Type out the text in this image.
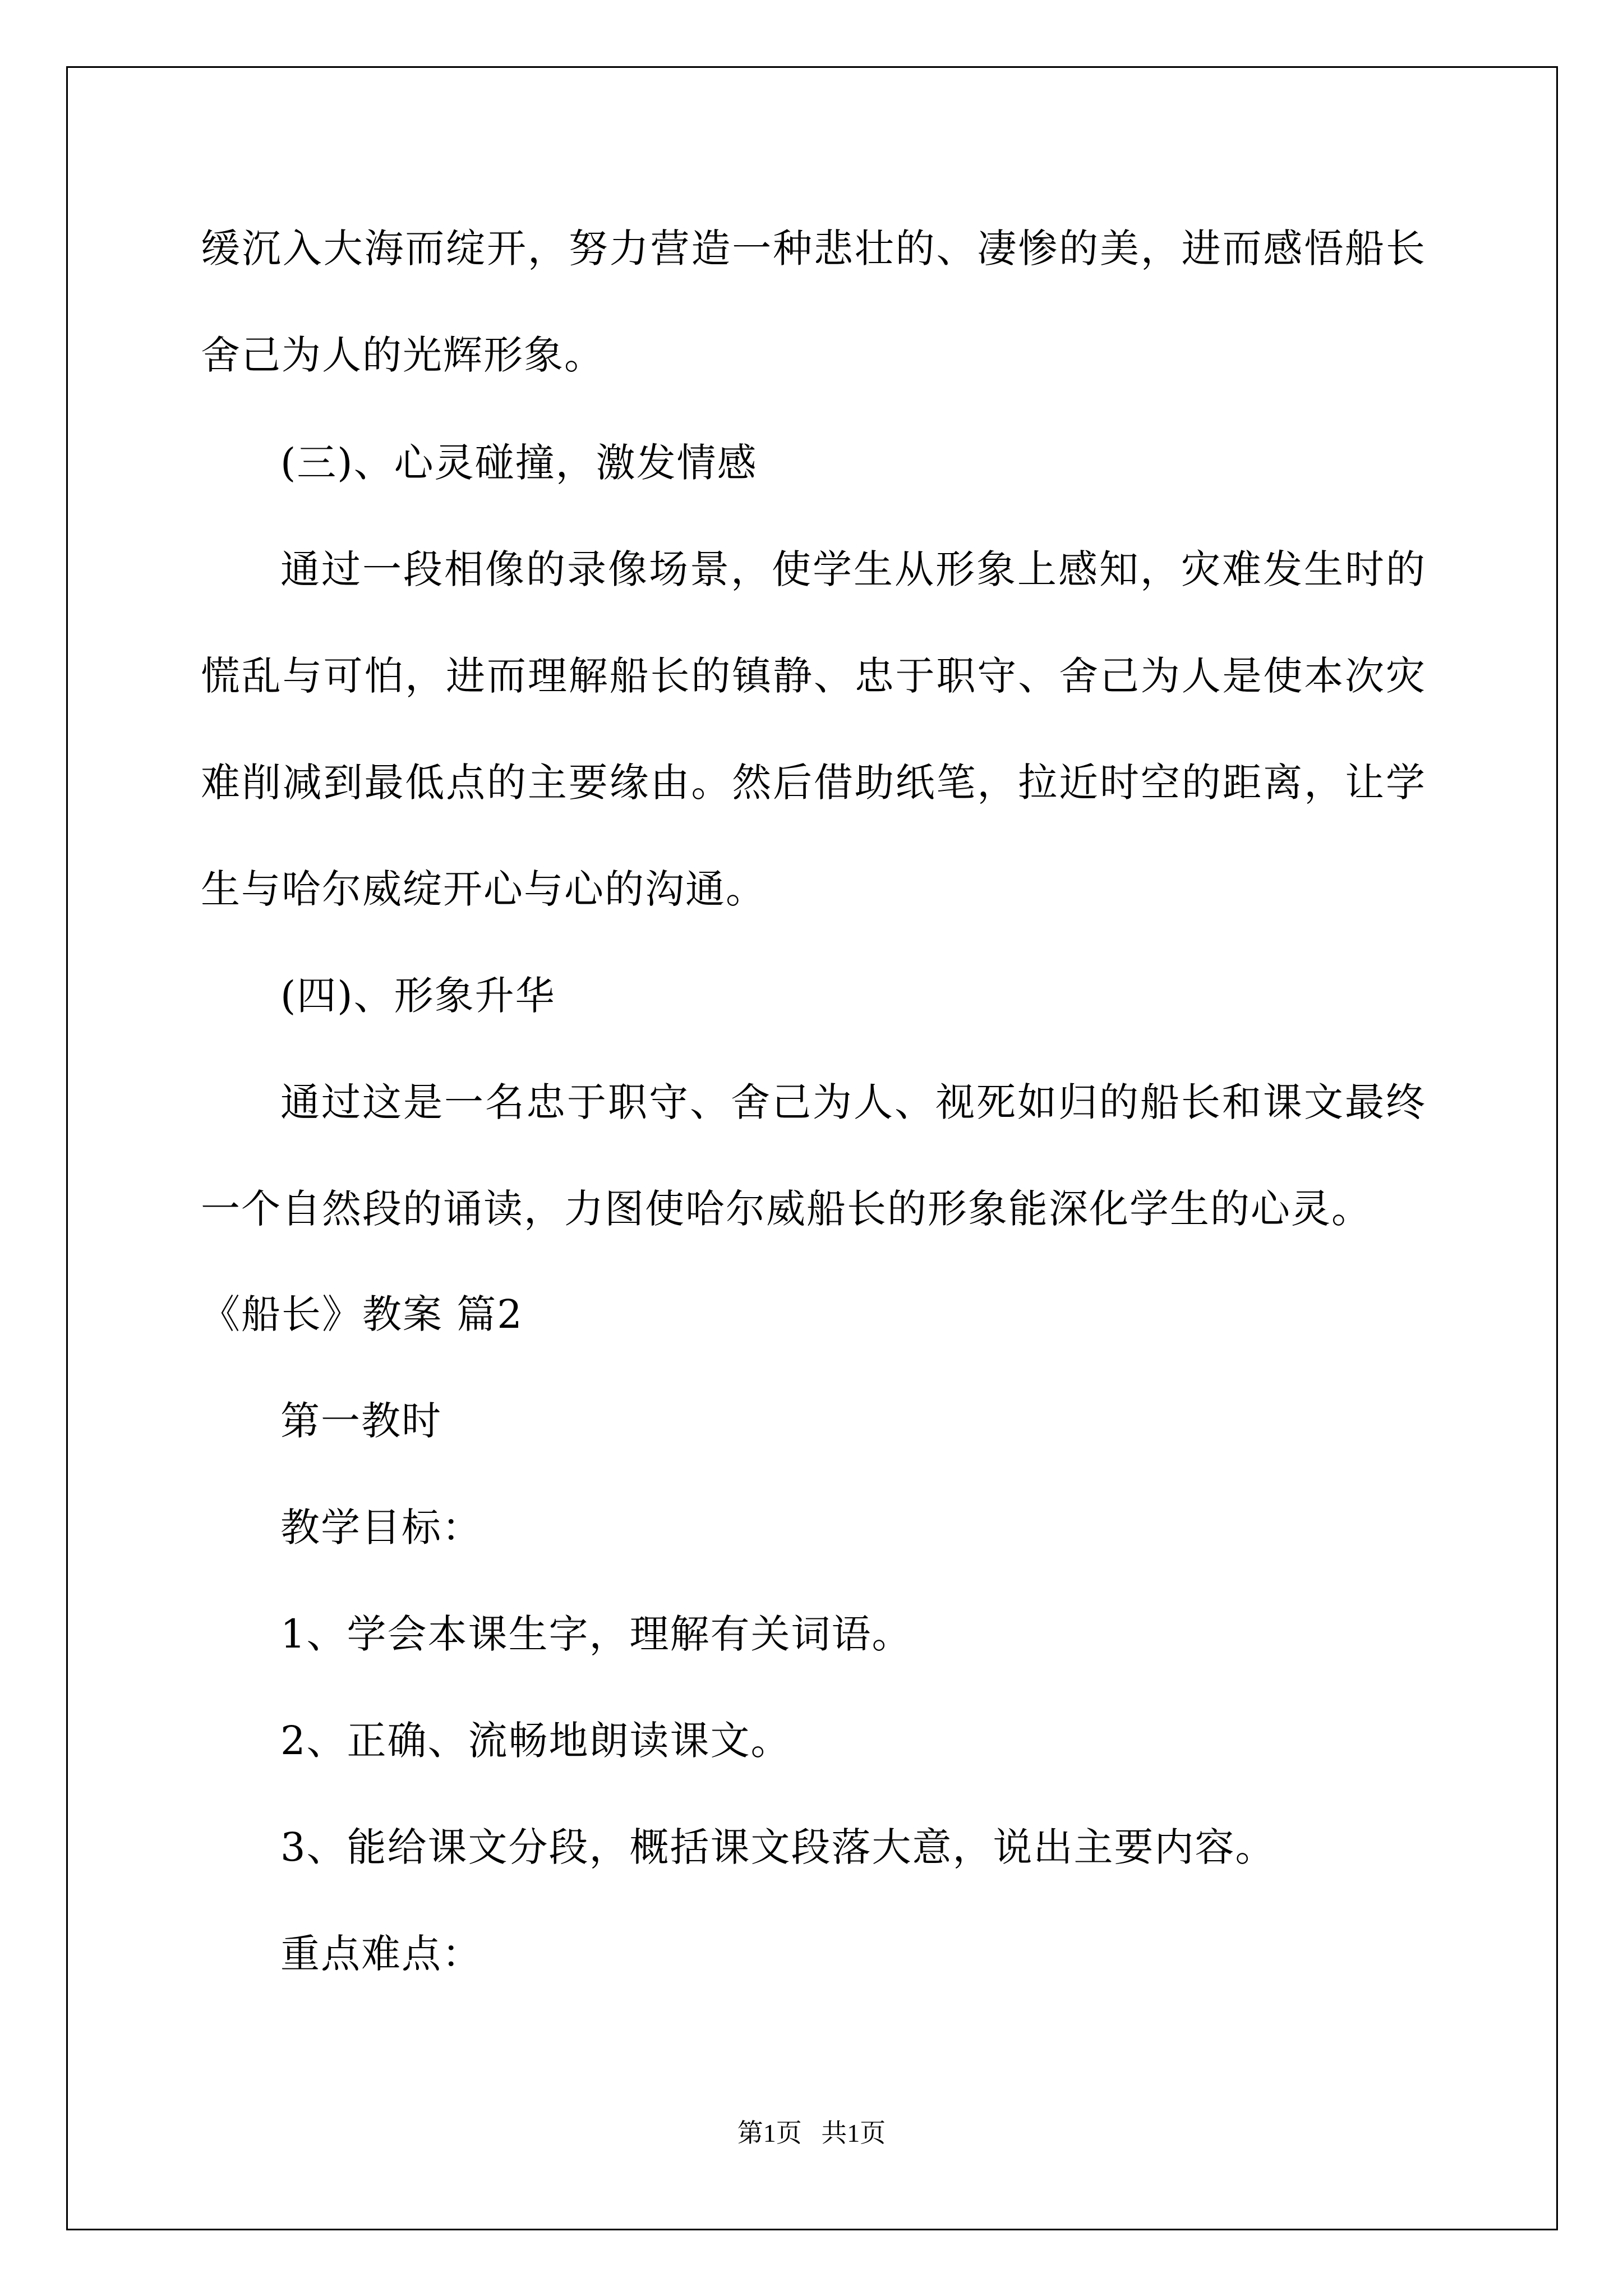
缓沉入大海而绽开，努力营造一种悲壮的、凄惨的美，进而感悟船长
舍己为人的光辉形象。
(三)、心灵碰撞，激发情感
通过一段相像的录像场景，使学生从形象上感知，灾难发生时的
慌乱与可怕，进而理解船长的镇静、忠于职守、舍己为人是使本次灾
难削减到最低点的主要缘由。然后借助纸笔，拉近时空的距离，让学
生与哈尔威绽开心与心的沟通。
(四)、形象升华
通过这是一名忠于职守、舍己为人、视死如归的船长和课文最终
一个自然段的诵读，力图使哈尔威船长的形象能深化学生的心灵。
《船长》教案 篇2
第一教时
教学目标：
1、学会本课生字，理解有关词语。
2、正确、流畅地朗读课文。
3、能给课文分段，概括课文段落大意，说出主要内容。
重点难点：
第1页   共1页
